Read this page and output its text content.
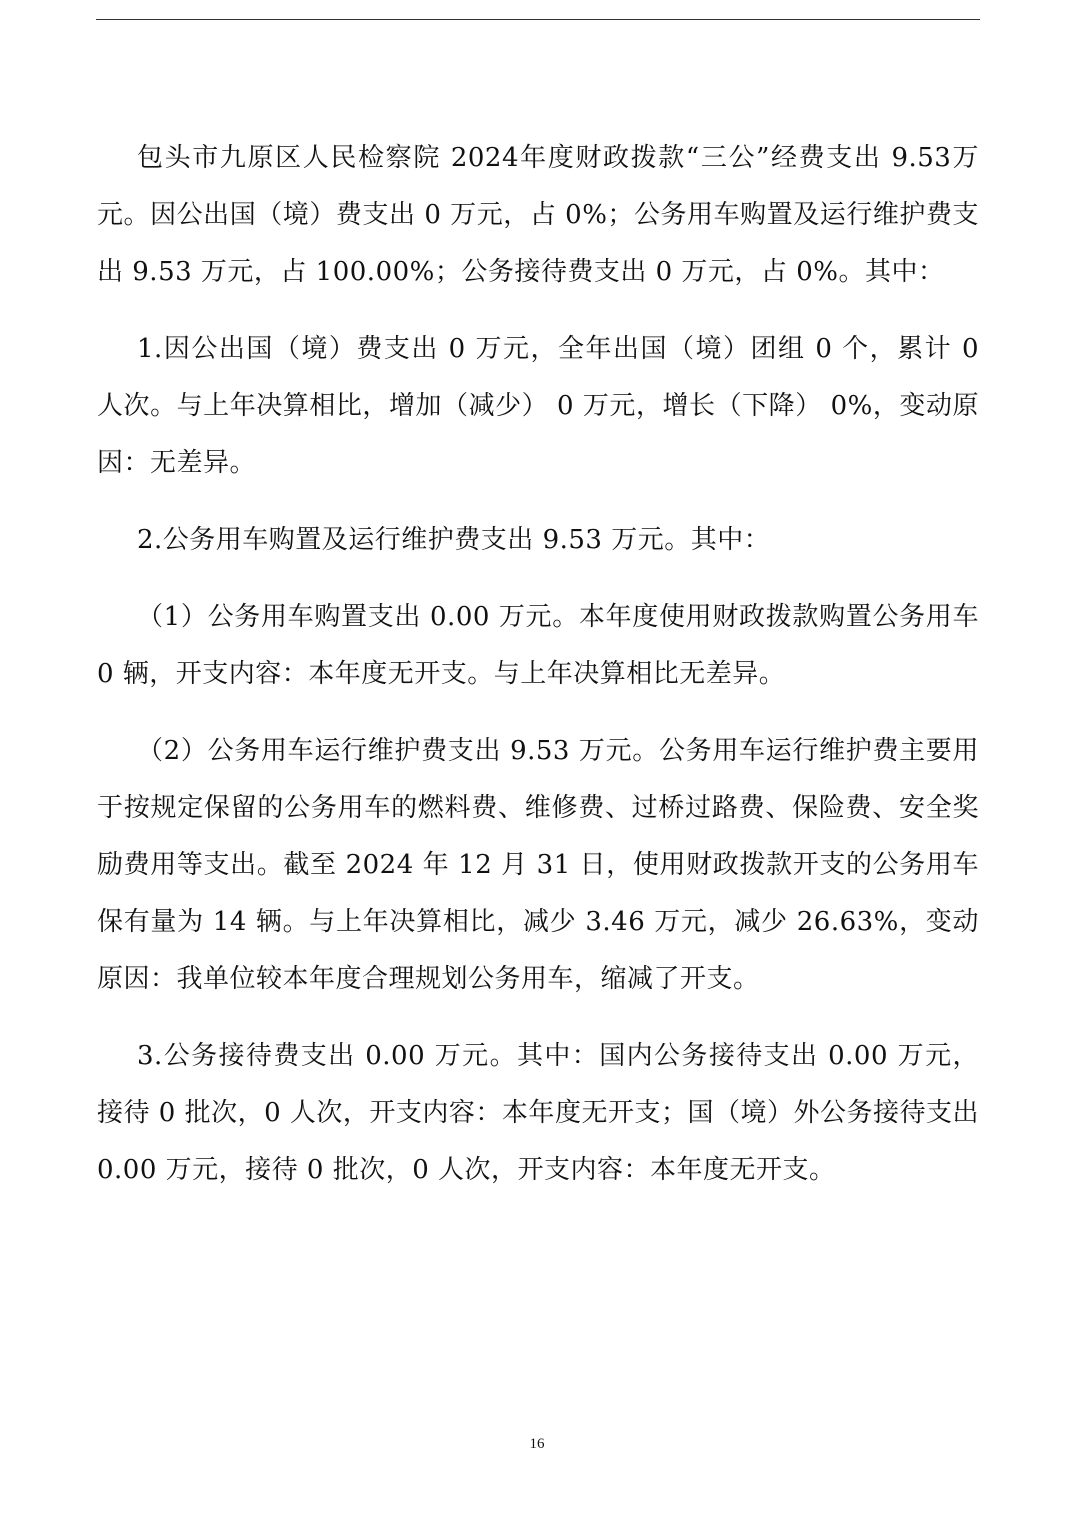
包头市九原区人民检察院 2024年度财政拨款“三公”经费支出 9.53万元。因公出国（境）费支出 0 万元，占 0%；公务用车购置及运行维护费支出 9.53 万元，占 100.00%；公务接待费支出 0 万元，占 0%。其中：

1.因公出国（境）费支出 0 万元，全年出国（境）团组 0 个，累计 0 人次。与上年决算相比，增加（减少） 0 万元，增长（下降） 0%，变动原因：无差异。

2.公务用车购置及运行维护费支出 9.53 万元。其中：

（1）公务用车购置支出 0.00 万元。本年度使用财政拨款购置公务用车 0 辆，开支内容：本年度无开支。与上年决算相比无差异。

（2）公务用车运行维护费支出 9.53 万元。公务用车运行维护费主要用于按规定保留的公务用车的燃料费、维修费、过桥过路费、保险费、安全奖励费用等支出。截至 2024 年 12 月 31 日，使用财政拨款开支的公务用车保有量为 14 辆。与上年决算相比，减少 3.46 万元，减少 26.63%，变动原因：我单位较本年度合理规划公务用车，缩减了开支。

3.公务接待费支出 0.00 万元。其中：国内公务接待支出 0.00 万元，接待 0 批次，0 人次，开支内容：本年度无开支；国（境）外公务接待支出 0.00 万元，接待 0 批次，0 人次，开支内容：本年度无开支。

16
